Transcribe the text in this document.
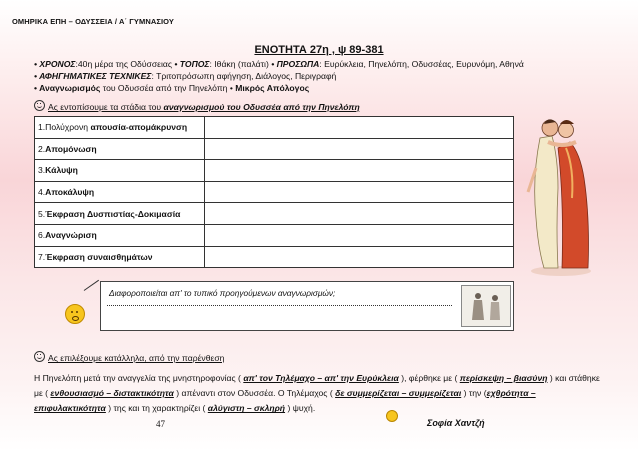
ΟΜΗΡΙΚΑ ΕΠΗ – ΟΔΥΣΣΕΙΑ / Α΄ ΓΥΜΝΑΣΙΟΥ
ΕΝΟΤΗΤΑ 27η , ψ 89-381
• ΧΡΟΝΟΣ:40η μέρα της Οδύσσειας • ΤΟΠΟΣ: Ιθάκη (παλάτι) • ΠΡΟΣΩΠΑ: Ευρύκλεια, Πηνελόπη, Οδυσσέας, Ευρυνόμη, Αθηνά
• ΑΦΗΓΗΜΑΤΙΚΕΣ ΤΕΧΝΙΚΕΣ: Τριτοπρόσωπη αφήγηση, Διάλογος, Περιγραφή
• Αναγνωρισμός του Οδυσσέα από την Πηνελόπη • Μικρός Απόλογος
Ας εντοπίσουμε τα στάδια του αναγνωρισμού του Οδυσσέα από την Πηνελόπη
1.Πολύχρονη απουσία-απομάκρυνση	
2.Απομόνωση	
3.Κάλυψη	
4.Αποκάλυψη	
5.Έκφραση Δυσπιστίας-Δοκιμασία	
6.Αναγνώριση	
7.Έκφραση συναισθημάτων	
Διαφοροποιείται απ' το τυπικό προηγούμενων αναγνωρισμών;
Ας επιλέξουμε κατάλληλα, από την παρένθεση
Η Πηνελόπη μετά την αναγγελία της μνηστηροφονίας ( απ' τον Τηλέμαχο – απ' την Ευρύκλεια ), φέρθηκε με ( περίσκεψη – βιασύνη ) και στάθηκε με ( ενθουσιασμό – διστακτικότητα ) απέναντι στον Οδυσσέα. Ο Τηλέμαχος ( δε συμμερίζεται – συμμερίζεται ) την (εχθρότητα – επιφυλακτικότητα ) της και τη χαρακτηρίζει ( αλύγιστη – σκληρή ) ψυχή.
47	Σοφία Χαντζή
